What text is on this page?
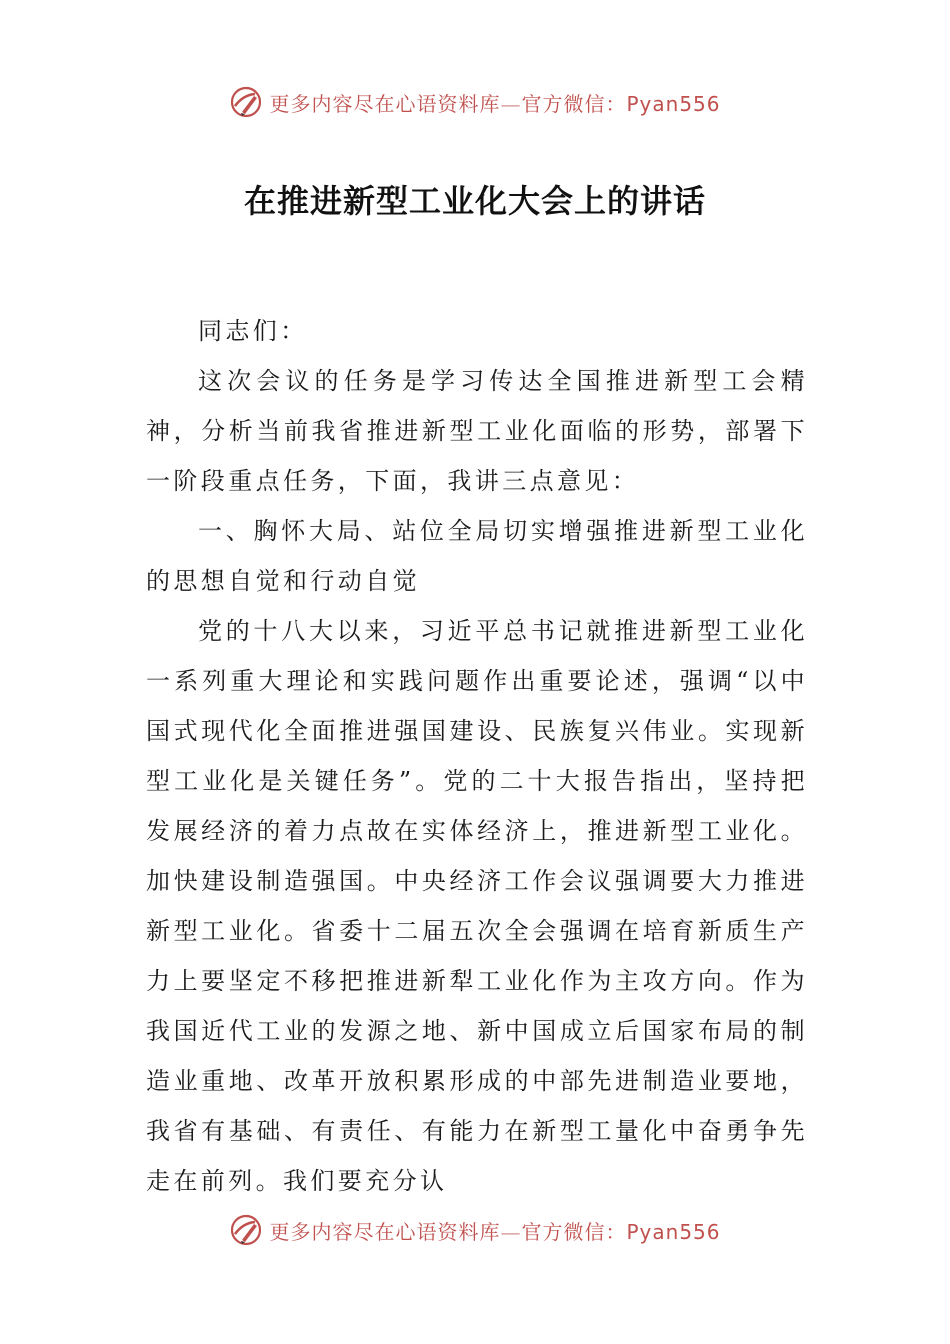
更多内容尽在心语资料库—官方微信：Pyan556
在推进新型工业化大会上的讲话

同志们：

这次会议的任务是学习传达全国推进新型工会精神，分析当前我省推进新型工业化面临的形势，部署下一阶段重点任务，下面，我讲三点意见：

一、胸怀大局、站位全局切实增强推进新型工业化的思想自觉和行动自觉

党的十八大以来，习近平总书记就推进新型工业化一系列重大理论和实践问题作出重要论述，强调“以中国式现代化全面推进强国建设、民族复兴伟业。实现新型工业化是关键任务”。党的二十大报告指出，坚持把发展经济的着力点故在实体经济上，推进新型工业化。加快建设制造强国。中央经济工作会议强调要大力推进新型工业化。省委十二届五次全会强调在培育新质生产力上要坚定不移把推进新犁工业化作为主攻方向。作为我国近代工业的发源之地、新中国成立后国家布局的制造业重地、改革开放积累形成的中部先进制造业要地，我省有基础、有责任、有能力在新型工量化中奋勇争先走在前列。我们要充分认

更多内容尽在心语资料库—官方微信：Pyan556
